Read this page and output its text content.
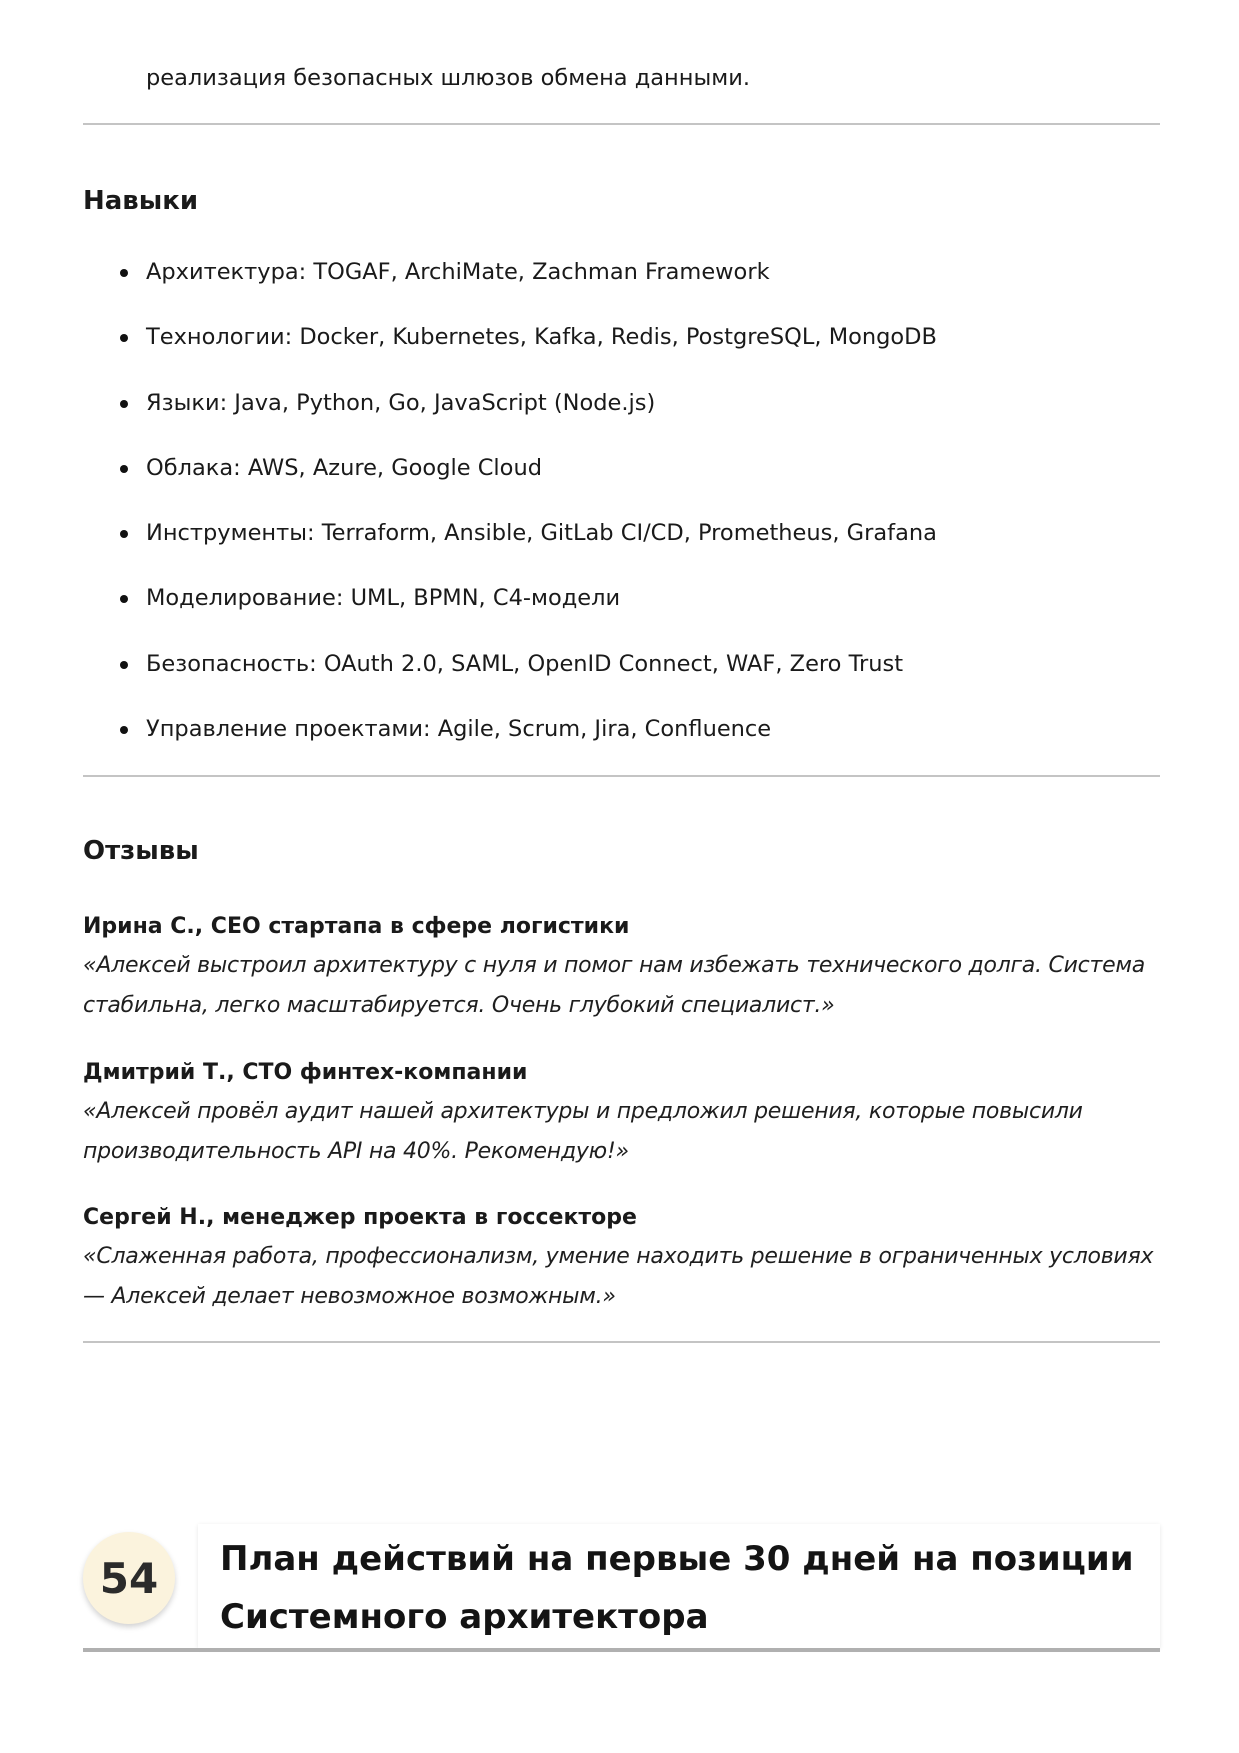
реализация безопасных шлюзов обмена данными.
Навыки
Архитектура: TOGAF, ArchiMate, Zachman Framework
Технологии: Docker, Kubernetes, Kafka, Redis, PostgreSQL, MongoDB
Языки: Java, Python, Go, JavaScript (Node.js)
Облака: AWS, Azure, Google Cloud
Инструменты: Terraform, Ansible, GitLab CI/CD, Prometheus, Grafana
Моделирование: UML, BPMN, C4-модели
Безопасность: OAuth 2.0, SAML, OpenID Connect, WAF, Zero Trust
Управление проектами: Agile, Scrum, Jira, Confluence
Отзывы
Ирина С., CEO стартапа в сфере логистики
«Алексей выстроил архитектуру с нуля и помог нам избежать технического долга. Система стабильна, легко масштабируется. Очень глубокий специалист.»
Дмитрий Т., CTO финтех-компании
«Алексей провёл аудит нашей архитектуры и предложил решения, которые повысили производительность API на 40%. Рекомендую!»
Сергей Н., менеджер проекта в госсекторе
«Слаженная работа, профессионализм, умение находить решение в ограниченных условиях — Алексей делает невозможное возможным.»
54	План действий на первые 30 дней на позиции Системного архитектора
